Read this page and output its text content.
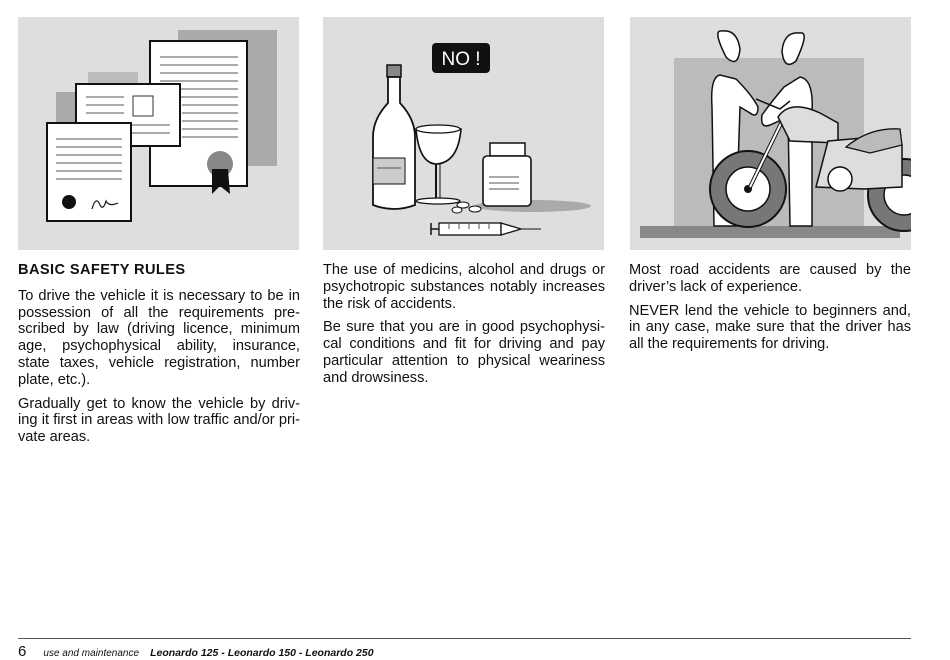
NO !
BASIC SAFETY RULES

To drive the vehicle it is necessary to be in possession of all the requirements pre-scribed by law (driving licence, minimum age, psychophysical ability, insurance, state taxes, vehicle registration, number plate, etc.).

Gradually get to know the vehicle by driv-ing it first in areas with low traffic and/or pri-vate areas.

The use of medicins, alcohol and drugs or psychotropic substances notably increases the risk of accidents.

Be sure that you are in good psychophysi-cal conditions and fit for driving and pay particular attention to physical weariness and drowsiness.

Most road accidents are caused by the driver’s lack of experience.

NEVER lend the vehicle to beginners and, in any case, make sure that the driver has all the requirements for driving.

6 use and maintenance Leonardo 125 - Leonardo 150 - Leonardo 250
